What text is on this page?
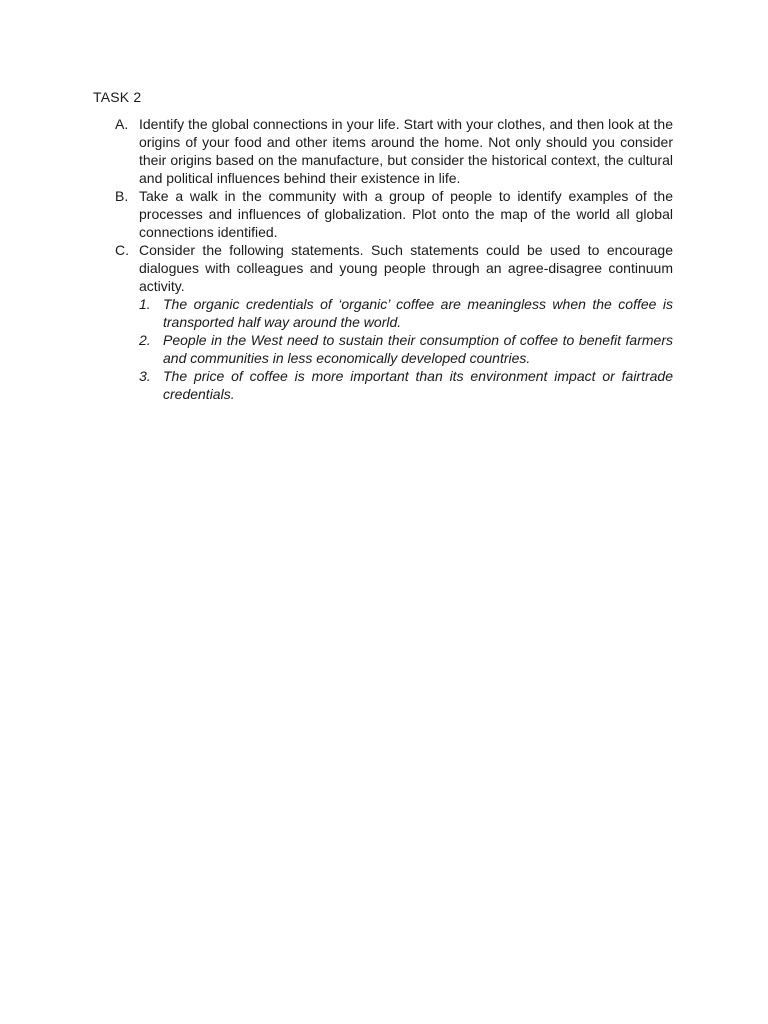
TASK 2
A. Identify the global connections in your life. Start with your clothes, and then look at the origins of your food and other items around the home. Not only should you consider their origins based on the manufacture, but consider the historical context, the cultural and political influences behind their existence in life.
B. Take a walk in the community with a group of people to identify examples of the processes and influences of globalization. Plot onto the map of the world all global connections identified.
C. Consider the following statements. Such statements could be used to encourage dialogues with colleagues and young people through an agree-disagree continuum activity.
1. The organic credentials of ‘organic’ coffee are meaningless when the coffee is transported half way around the world.
2. People in the West need to sustain their consumption of coffee to benefit farmers and communities in less economically developed countries.
3. The price of coffee is more important than its environment impact or fairtrade credentials.
